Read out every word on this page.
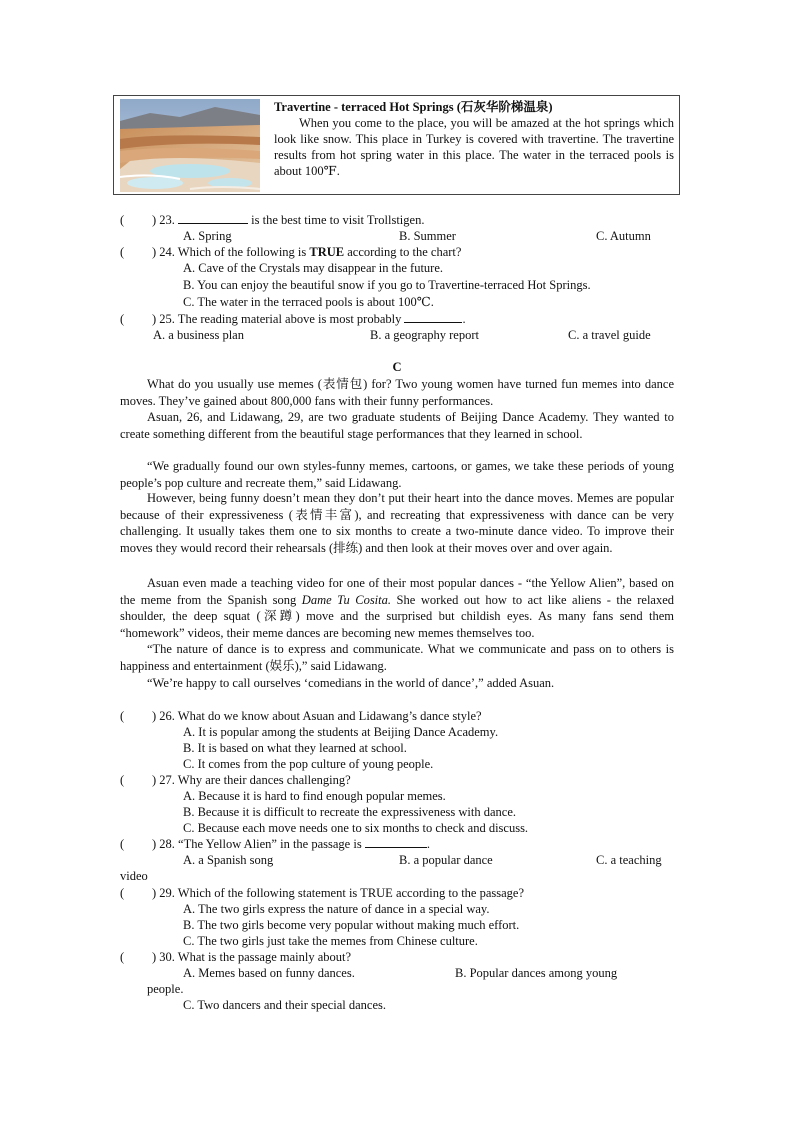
Travertine - terraced Hot Springs (石灰华阶梯温泉)
When you come to the place, you will be amazed at the hot springs which look like snow. This place in Turkey is covered with travertine. The travertine results from hot spring water in this place. The water in the terraced pools is about 100℉.
( ) 23.	is the best time to visit Trollstigen.
A. Spring	B. Summer	C. Autumn
( ) 24. Which of the following is TRUE according to the chart?
A. Cave of the Crystals may disappear in the future.
B. You can enjoy the beautiful snow if you go to Travertine-terraced Hot Springs.
C. The water in the terraced pools is about 100℃.
( ) 25. The reading material above is most probably	.
A. a business plan	B. a geography report	C. a travel guide
C
What do you usually use memes (表情包) for? Two young women have turned fun memes into dance moves. They’ve gained about 800,000 fans with their funny performances.
Asuan, 26, and Lidawang, 29, are two graduate students of Beijing Dance Academy. They wanted to create something different from the beautiful stage performances that they learned in school.
“We gradually found our own styles-funny memes, cartoons, or games, we take these periods of young people’s pop culture and recreate them,” said Lidawang.
However, being funny doesn’t mean they don’t put their heart into the dance moves. Memes are popular because of their expressiveness (表情丰富), and recreating that expressiveness with dance can be very challenging. It usually takes them one to six months to create a two-minute dance video. To improve their moves they would record their rehearsals (排练) and then look at their moves over and over again.
Asuan even made a teaching video for one of their most popular dances - “the Yellow Alien”, based on the meme from the Spanish song Dame Tu Cosita. She worked out how to act like aliens - the relaxed shoulder, the deep squat (深蹲) move and the surprised but childish eyes. As many fans send them “homework” videos, their meme dances are becoming new memes themselves too.
“The nature of dance is to express and communicate. What we communicate and pass on to others is happiness and entertainment (娱乐),” said Lidawang.
“We’re happy to call ourselves ‘comedians in the world of dance’,” added Asuan.
( ) 26. What do we know about Asuan and Lidawang’s dance style?
A. It is popular among the students at Beijing Dance Academy.
B. It is based on what they learned at school.
C. It comes from the pop culture of young people.
( ) 27. Why are their dances challenging?
A. Because it is hard to find enough popular memes.
B. Because it is difficult to recreate the expressiveness with dance.
C. Because each move needs one to six months to check and discuss.
( ) 28. “The Yellow Alien” in the passage is	.
A. a Spanish song	B. a popular dance	C. a teaching
video
( ) 29. Which of the following statement is TRUE according to the passage?
A. The two girls express the nature of dance in a special way.
B. The two girls become very popular without making much effort.
C. The two girls just take the memes from Chinese culture.
( ) 30. What is the passage mainly about?
A. Memes based on funny dances.	B. Popular dances among young
people.
C. Two dancers and their special dances.
